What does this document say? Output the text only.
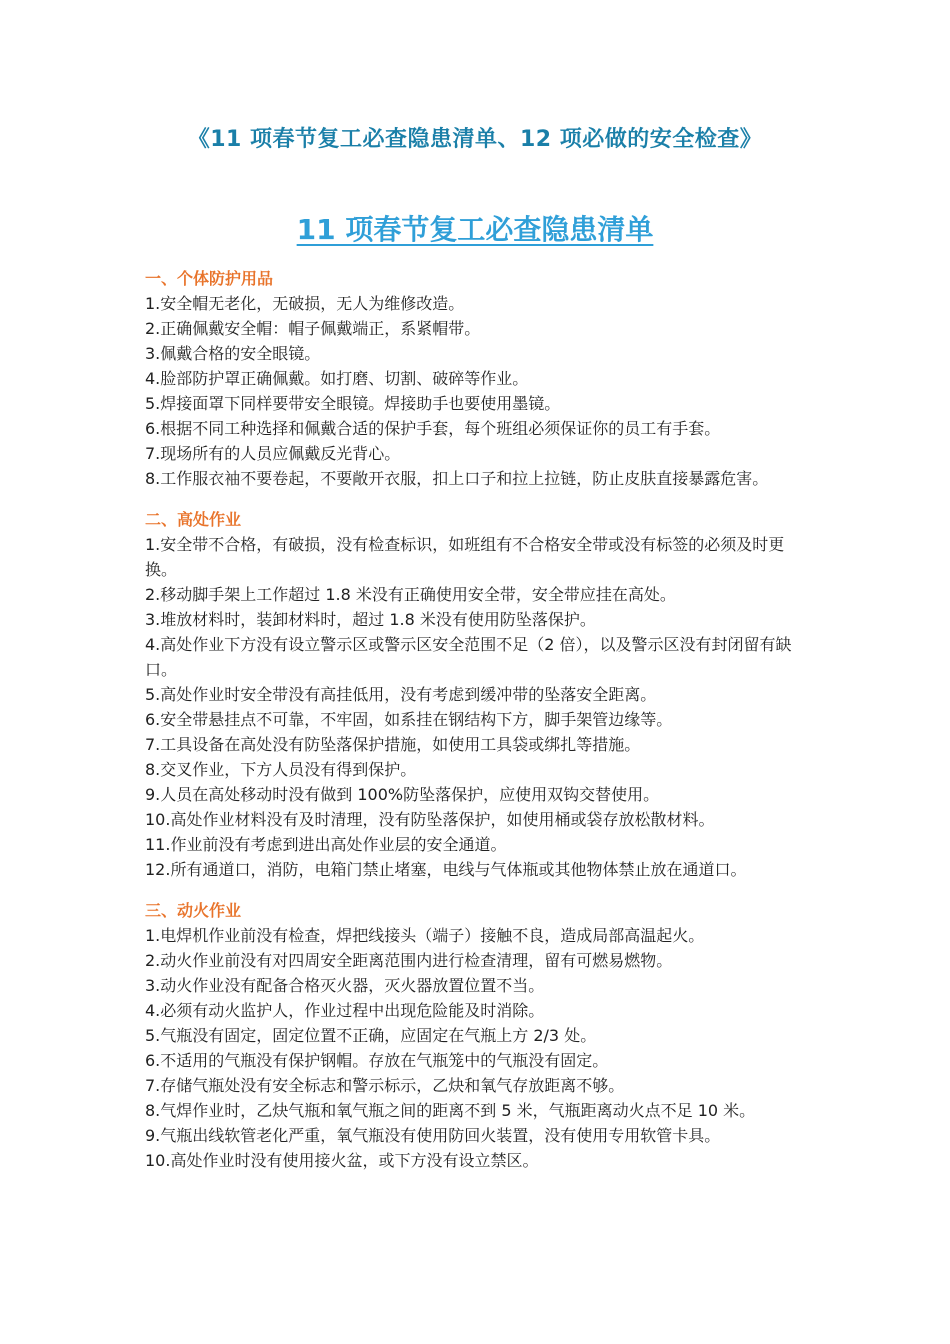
《11 项春节复工必查隐患清单、12 项必做的安全检查》
11 项春节复工必查隐患清单

一、个体防护用品

1.安全帽无老化，无破损，无人为维修改造。

2.正确佩戴安全帽：帽子佩戴端正，系紧帽带。

3.佩戴合格的安全眼镜。

4.脸部防护罩正确佩戴。如打磨、切割、破碎等作业。

5.焊接面罩下同样要带安全眼镜。焊接助手也要使用墨镜。

6.根据不同工种选择和佩戴合适的保护手套，每个班组必须保证你的员工有手套。

7.现场所有的人员应佩戴反光背心。

8.工作服衣袖不要卷起，不要敞开衣服，扣上口子和拉上拉链，防止皮肤直接暴露危害。

二、高处作业

1.安全带不合格，有破损，没有检查标识，如班组有不合格安全带或没有标签的必须及时更换。

2.移动脚手架上工作超过 1.8 米没有正确使用安全带，安全带应挂在高处。

3.堆放材料时，装卸材料时，超过 1.8 米没有使用防坠落保护。

4.高处作业下方没有设立警示区或警示区安全范围不足（2 倍），以及警示区没有封闭留有缺口。

5.高处作业时安全带没有高挂低用，没有考虑到缓冲带的坠落安全距离。

6.安全带悬挂点不可靠，不牢固，如系挂在钢结构下方，脚手架管边缘等。

7.工具设备在高处没有防坠落保护措施，如使用工具袋或绑扎等措施。

8.交叉作业，下方人员没有得到保护。

9.人员在高处移动时没有做到 100%防坠落保护，应使用双钩交替使用。

10.高处作业材料没有及时清理，没有防坠落保护，如使用桶或袋存放松散材料。

11.作业前没有考虑到进出高处作业层的安全通道。

12.所有通道口，消防，电箱门禁止堵塞，电线与气体瓶或其他物体禁止放在通道口。

三、动火作业

1.电焊机作业前没有检查，焊把线接头（端子）接触不良，造成局部高温起火。

2.动火作业前没有对四周安全距离范围内进行检查清理，留有可燃易燃物。

3.动火作业没有配备合格灭火器，灭火器放置位置不当。

4.必须有动火监护人，作业过程中出现危险能及时消除。

5.气瓶没有固定，固定位置不正确，应固定在气瓶上方 2/3 处。

6.不适用的气瓶没有保护钢帽。存放在气瓶笼中的气瓶没有固定。

7.存储气瓶处没有安全标志和警示标示，乙炔和氧气存放距离不够。

8.气焊作业时，乙炔气瓶和氧气瓶之间的距离不到 5 米，气瓶距离动火点不足 10 米。

9.气瓶出线软管老化严重，氧气瓶没有使用防回火装置，没有使用专用软管卡具。

10.高处作业时没有使用接火盆，或下方没有设立禁区。
